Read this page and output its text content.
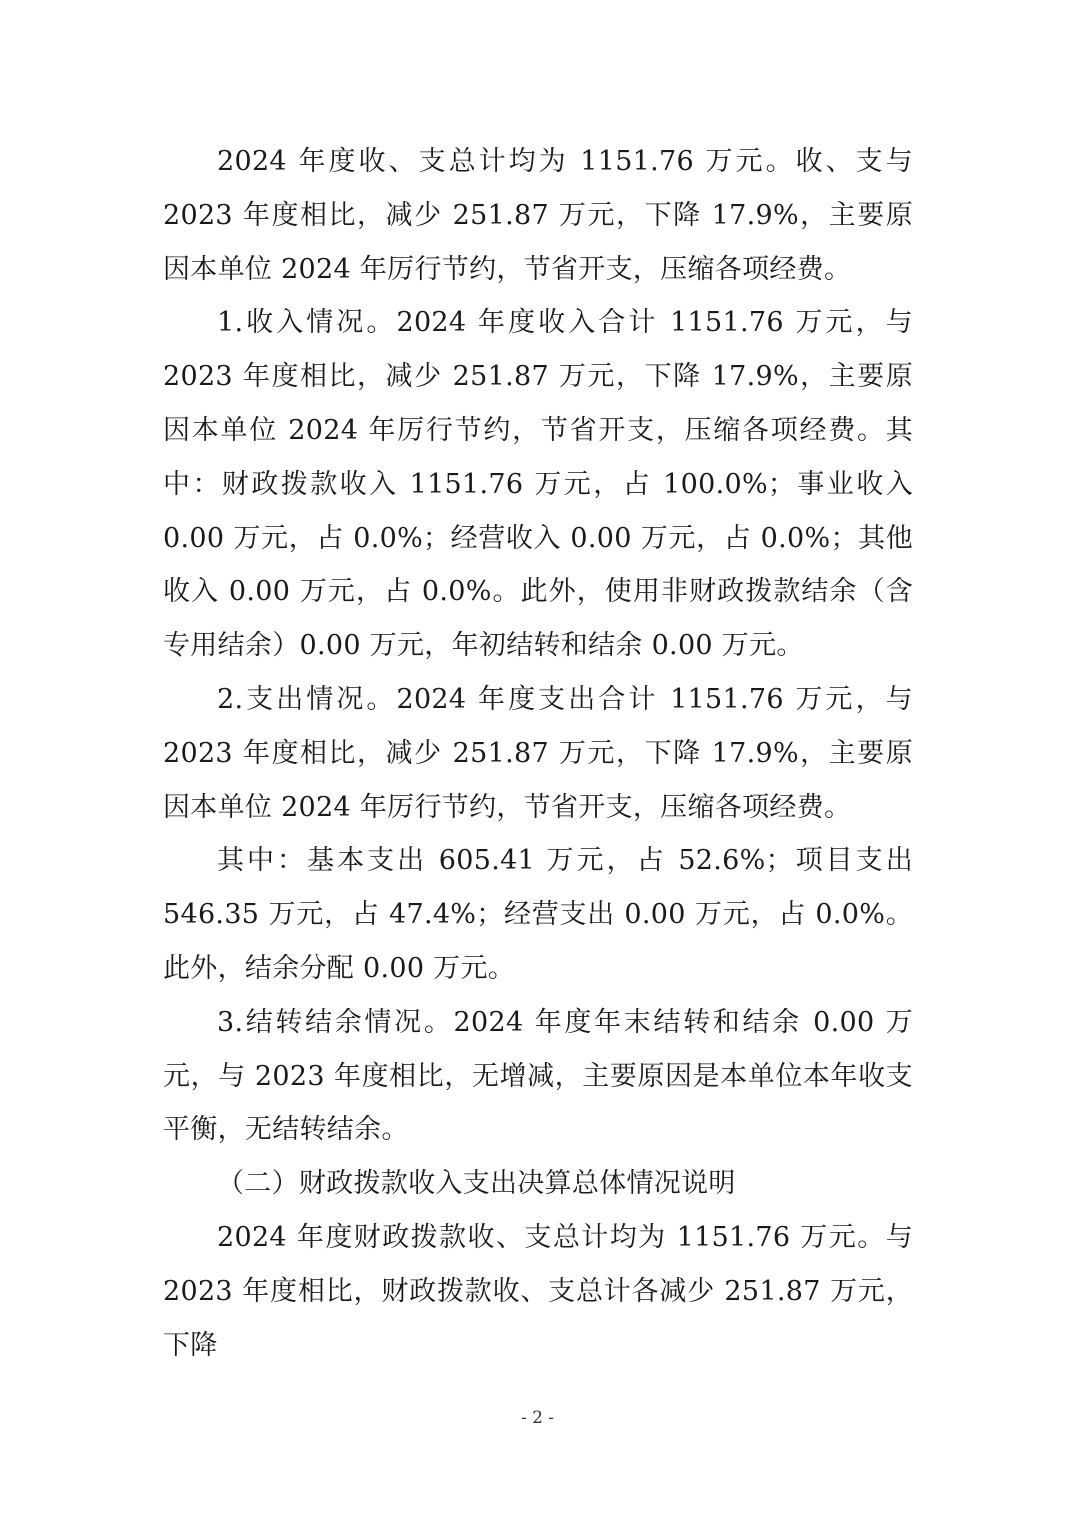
2024 年度收、支总计均为 1151.76 万元。收、支与 2023 年度相比，减少 251.87 万元，下降 17.9%，主要原因本单位 2024 年厉行节约，节省开支，压缩各项经费。

1.收入情况。2024 年度收入合计 1151.76 万元，与 2023 年度相比，减少 251.87 万元，下降 17.9%，主要原因本单位 2024 年厉行节约，节省开支，压缩各项经费。其中：财政拨款收入 1151.76 万元，占 100.0%；事业收入 0.00 万元，占 0.0%；经营收入 0.00 万元，占 0.0%；其他收入 0.00 万元，占 0.0%。此外，使用非财政拨款结余（含专用结余）0.00 万元，年初结转和结余 0.00 万元。

2.支出情况。2024 年度支出合计 1151.76 万元，与 2023 年度相比，减少 251.87 万元，下降 17.9%，主要原因本单位 2024 年厉行节约，节省开支，压缩各项经费。

其中：基本支出 605.41 万元，占 52.6%；项目支出 546.35 万元，占 47.4%；经营支出 0.00 万元，占 0.0%。此外，结余分配 0.00 万元。

3.结转结余情况。2024 年度年末结转和结余 0.00 万元，与 2023 年度相比，无增减，主要原因是本单位本年收支平衡，无结转结余。

（二）财政拨款收入支出决算总体情况说明

2024 年度财政拨款收、支总计均为 1151.76 万元。与 2023 年度相比，财政拨款收、支总计各减少 251.87 万元，下降

- 2 -
